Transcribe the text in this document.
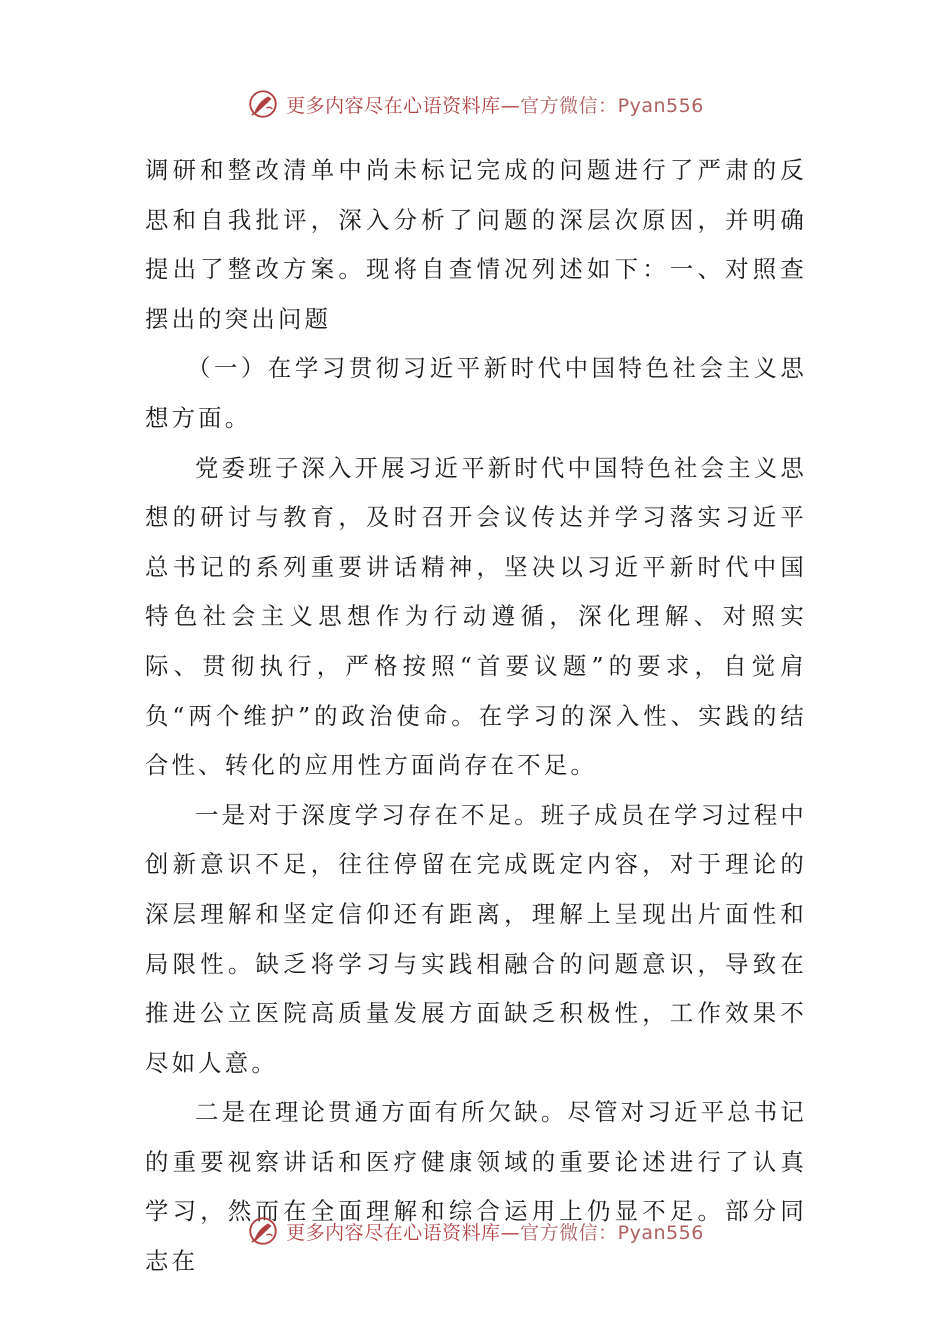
更多内容尽在心语资料库—官方微信：Pyan556

调研和整改清单中尚未标记完成的问题进行了严肃的反思和自我批评，深入分析了问题的深层次原因，并明确提出了整改方案。现将自查情况列述如下：一、对照查摆出的突出问题

（一）在学习贯彻习近平新时代中国特色社会主义思想方面。

党委班子深入开展习近平新时代中国特色社会主义思想的研讨与教育，及时召开会议传达并学习落实习近平总书记的系列重要讲话精神，坚决以习近平新时代中国特色社会主义思想作为行动遵循，深化理解、对照实际、贯彻执行，严格按照“首要议题”的要求，自觉肩负“两个维护”的政治使命。在学习的深入性、实践的结合性、转化的应用性方面尚存在不足。

一是对于深度学习存在不足。班子成员在学习过程中创新意识不足，往往停留在完成既定内容，对于理论的深层理解和坚定信仰还有距离，理解上呈现出片面性和局限性。缺乏将学习与实践相融合的问题意识，导致在推进公立医院高质量发展方面缺乏积极性，工作效果不尽如人意。

二是在理论贯通方面有所欠缺。尽管对习近平总书记的重要视察讲话和医疗健康领域的重要论述进行了认真学习，然而在全面理解和综合运用上仍显不足。部分同志在

更多内容尽在心语资料库—官方微信：Pyan556
